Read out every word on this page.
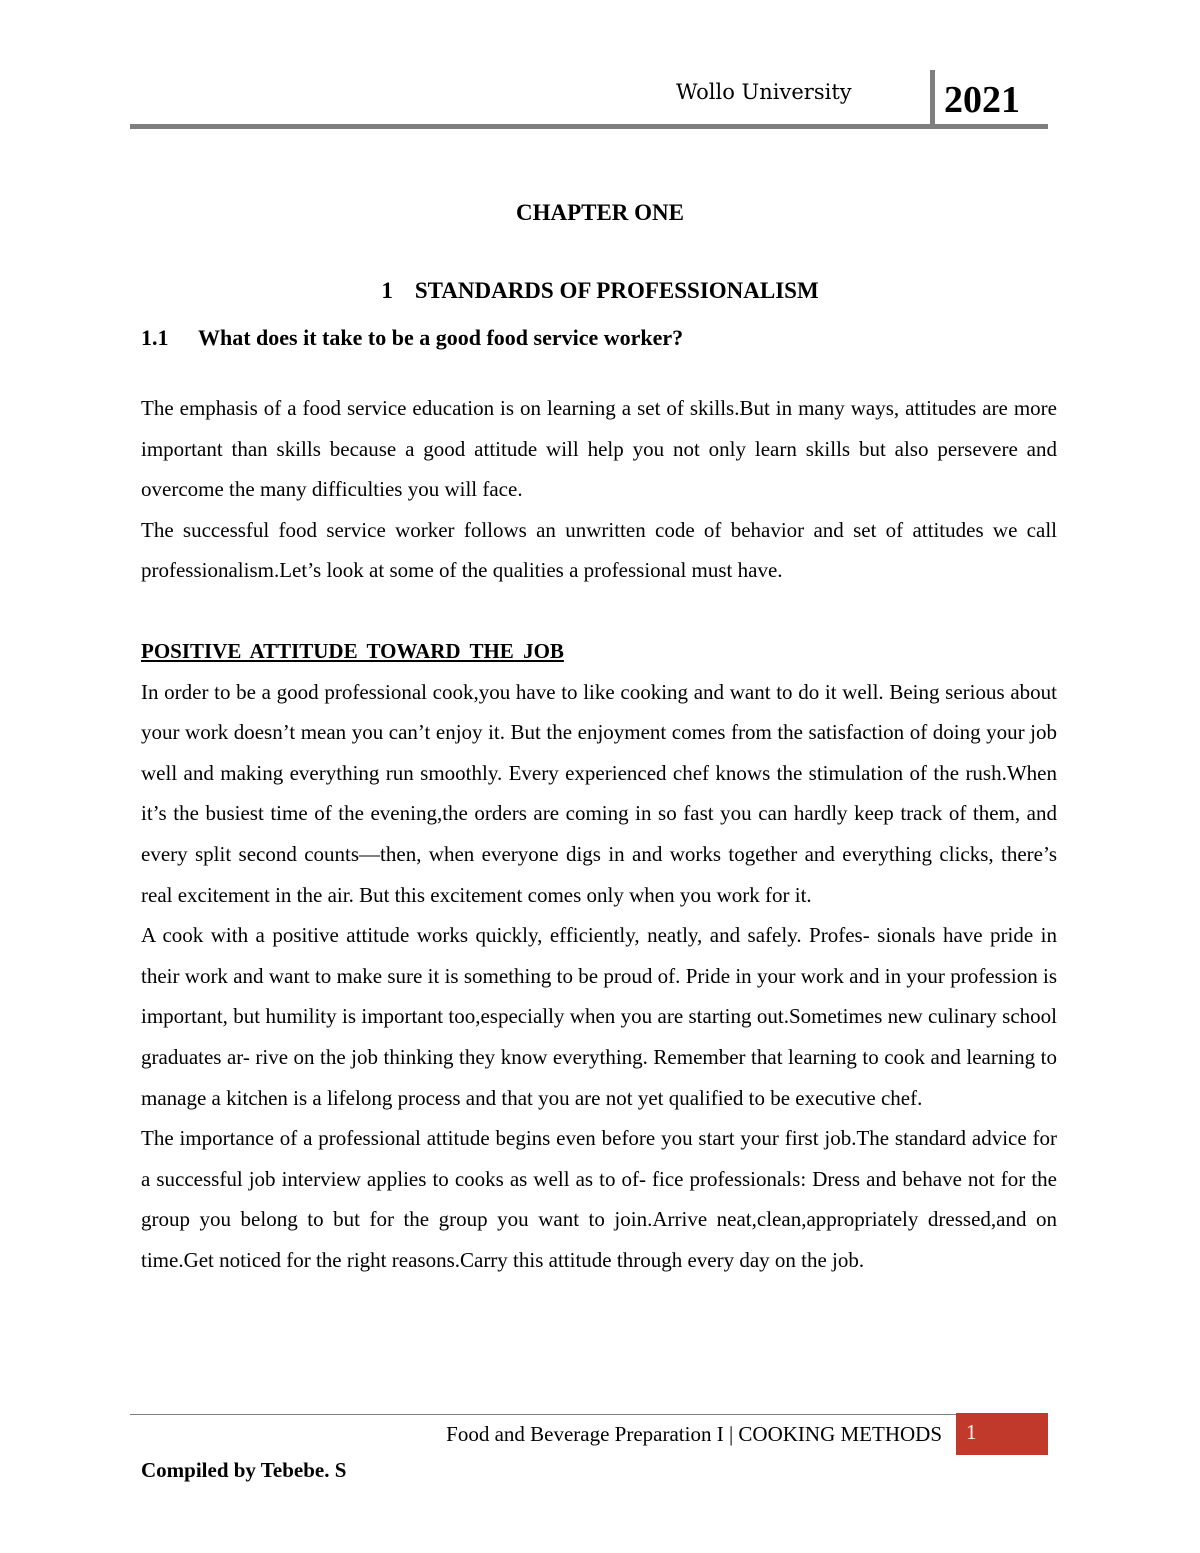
Wollo University 2021
CHAPTER ONE
1 STANDARDS OF PROFESSIONALISM
1.1 What does it take to be a good food service worker?

The emphasis of a food service education is on learning a set of skills.But in many ways, attitudes are more important than skills because a good attitude will help you not only learn skills but also persevere and overcome the many difficulties you will face.

The successful food service worker follows an unwritten code of behavior and set of attitudes we call professionalism.Let’s look at some of the qualities a professional must have.

POSITIVE ATTITUDE TOWARD THE JOB

In order to be a good professional cook,you have to like cooking and want to do it well. Being serious about your work doesn’t mean you can’t enjoy it. But the enjoyment comes from the satisfaction of doing your job well and making everything run smoothly. Every experienced chef knows the stimulation of the rush.When it’s the busiest time of the evening,the orders are coming in so fast you can hardly keep track of them, and every split second counts—then, when everyone digs in and works together and everything clicks, there’s real excitement in the air. But this excitement comes only when you work for it.

A cook with a positive attitude works quickly, efficiently, neatly, and safely. Profes- sionals have pride in their work and want to make sure it is something to be proud of. Pride in your work and in your profession is important, but humility is important too,especially when you are starting out.Sometimes new culinary school graduates ar- rive on the job thinking they know everything. Remember that learning to cook and learning to manage a kitchen is a lifelong process and that you are not yet qualified to be executive chef.

The importance of a professional attitude begins even before you start your first job.The standard advice for a successful job interview applies to cooks as well as to of- fice professionals: Dress and behave not for the group you belong to but for the group you want to join.Arrive neat,clean,appropriately dressed,and on time.Get noticed for the right reasons.Carry this attitude through every day on the job.

Food and Beverage Preparation I | COOKING METHODS 1
Compiled by Tebebe. S
